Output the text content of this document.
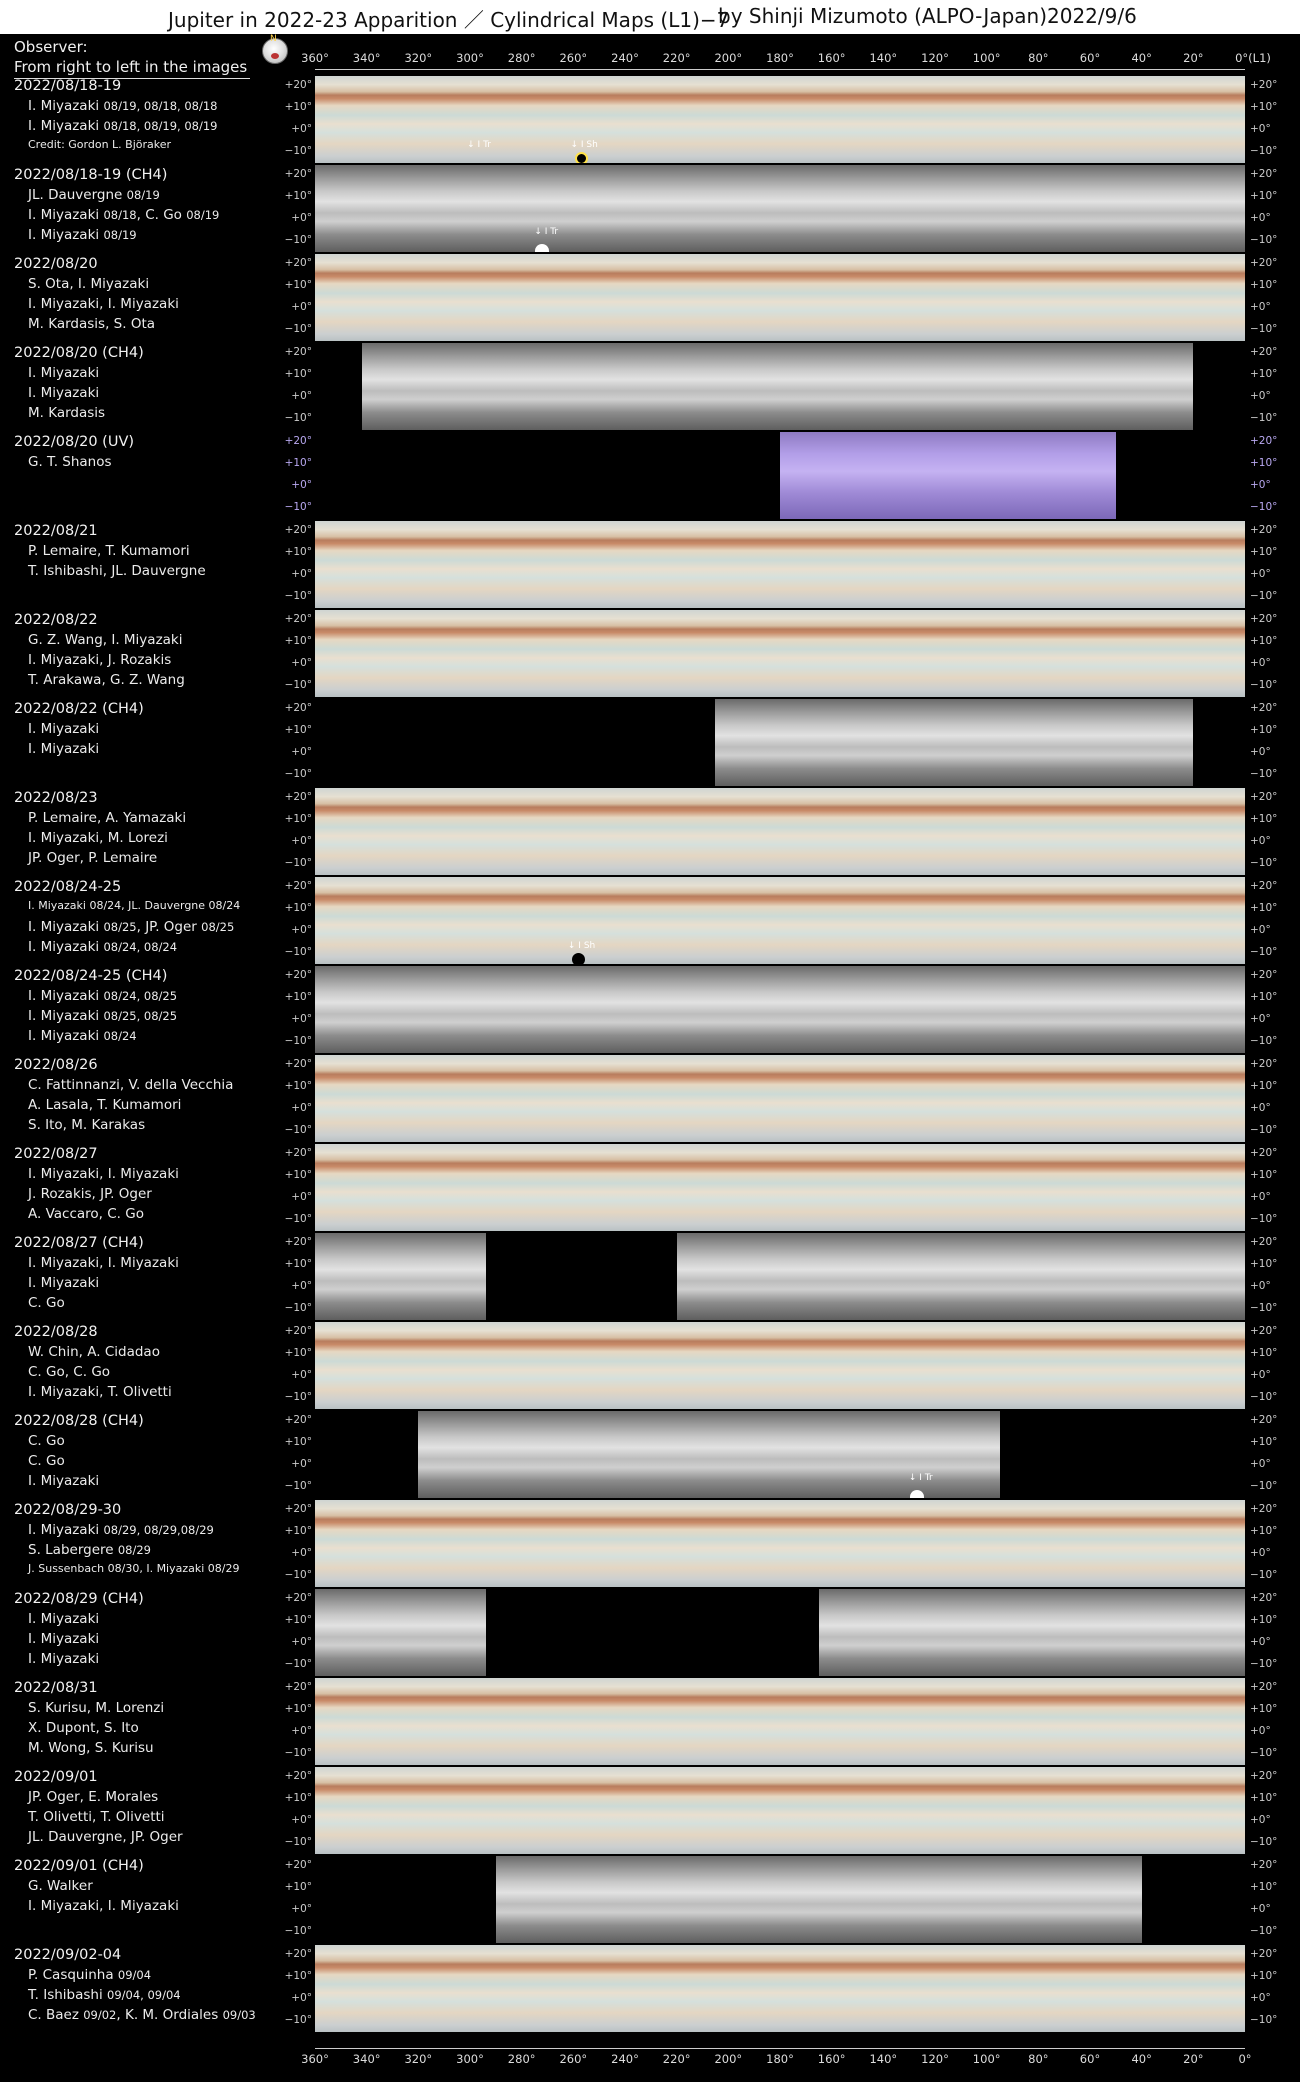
Jupiter in 2022-23 Apparition ／ Cylindrical Maps (L1)−7
by Shinji Mizumoto (ALPO-Japan) 2022/9/6
Observer:
From right to left in the images
N
360° 340° 320° 300° 280° 260° 240° 220° 200° 180° 160° 140° 120° 100° 80°	60°	40°	20°	0°(L1)
2022/08/18-19
I. Miyazaki 08/19, 08/18, 08/18
I. Miyazaki 08/18, 08/19, 08/19
Credit: Gordon L. Björaker
+20°	+20°
+10°	+10°
+0°	+0°
−10°	−10°
↓ I Tr	↓ I Sh
2022/08/18-19 (CH4)
JL. Dauvergne 08/19
I. Miyazaki 08/18, C. Go 08/19
I. Miyazaki 08/19
+20°	+20°
+10°	+10°
+0°	+0°
−10°	−10°
↓ I Tr
2022/08/20
S. Ota, I. Miyazaki
I. Miyazaki, I. Miyazaki
M. Kardasis, S. Ota
+20°	+20°
+10°	+10°
+0°	+0°
−10°	−10°
2022/08/20 (CH4)
I. Miyazaki
I. Miyazaki
M. Kardasis
+20°	+20°
+10°	+10°
+0°	+0°
−10°	−10°
2022/08/20 (UV)
G. T. Shanos
+20°	+20°
+10°	+10°
+0°	+0°
−10°	−10°
2022/08/21
P. Lemaire, T. Kumamori
T. Ishibashi, JL. Dauvergne
+20°	+20°
+10°	+10°
+0°	+0°
−10°	−10°
2022/08/22
G. Z. Wang, I. Miyazaki
I. Miyazaki, J. Rozakis
T. Arakawa, G. Z. Wang
+20°	+20°
+10°	+10°
+0°	+0°
−10°	−10°
2022/08/22 (CH4)
I. Miyazaki
I. Miyazaki
+20°	+20°
+10°	+10°
+0°	+0°
−10°	−10°
2022/08/23
P. Lemaire, A. Yamazaki
I. Miyazaki, M. Lorezi
JP. Oger, P. Lemaire
+20°	+20°
+10°	+10°
+0°	+0°
−10°	−10°
2022/08/24-25
I. Miyazaki 08/24, JL. Dauvergne 08/24
I. Miyazaki 08/25, JP. Oger 08/25
I. Miyazaki 08/24, 08/24
+20°	+20°
+10°	+10°
+0°	+0°
−10°	−10°
↓ I Sh
2022/08/24-25 (CH4)
I. Miyazaki 08/24, 08/25
I. Miyazaki 08/25, 08/25
I. Miyazaki 08/24
+20°	+20°
+10°	+10°
+0°	+0°
−10°	−10°
2022/08/26
C. Fattinnanzi, V. della Vecchia
A. Lasala, T. Kumamori
S. Ito, M. Karakas
+20°	+20°
+10°	+10°
+0°	+0°
−10°	−10°
2022/08/27
I. Miyazaki, I. Miyazaki
J. Rozakis, JP. Oger
A. Vaccaro, C. Go
+20°	+20°
+10°	+10°
+0°	+0°
−10°	−10°
2022/08/27 (CH4)
I. Miyazaki, I. Miyazaki
I. Miyazaki
C. Go
+20°	+20°
+10°	+10°
+0°	+0°
−10°	−10°
2022/08/28
W. Chin, A. Cidadao
C. Go, C. Go
I. Miyazaki, T. Olivetti
+20°	+20°
+10°	+10°
+0°	+0°
−10°	−10°
2022/08/28 (CH4)
C. Go
C. Go
I. Miyazaki
+20°	+20°
+10°	+10°
+0°	+0°
−10°	−10°
↓ I Tr
2022/08/29-30
I. Miyazaki 08/29, 08/29,08/29
S. Labergere 08/29
J. Sussenbach 08/30, I. Miyazaki 08/29
+20°	+20°
+10°	+10°
+0°	+0°
−10°	−10°
2022/08/29 (CH4)
I. Miyazaki
I. Miyazaki
I. Miyazaki
+20°	+20°
+10°	+10°
+0°	+0°
−10°	−10°
2022/08/31
S. Kurisu, M. Lorenzi
X. Dupont, S. Ito
M. Wong, S. Kurisu
+20°	+20°
+10°	+10°
+0°	+0°
−10°	−10°
2022/09/01
JP. Oger, E. Morales
T. Olivetti, T. Olivetti
JL. Dauvergne, JP. Oger
+20°	+20°
+10°	+10°
+0°	+0°
−10°	−10°
2022/09/01 (CH4)
G. Walker
I. Miyazaki, I. Miyazaki
+20°	+20°
+10°	+10°
+0°	+0°
−10°	−10°
2022/09/02-04
P. Casquinha 09/04
T. Ishibashi 09/04, 09/04
C. Baez 09/02, K. M. Ordiales 09/03
+20°	+20°
+10°	+10°
+0°	+0°
−10°	−10°
360° 340° 320° 300° 280° 260° 240° 220° 200° 180° 160° 140° 120° 100° 80°	60°	40°	20°	0°
